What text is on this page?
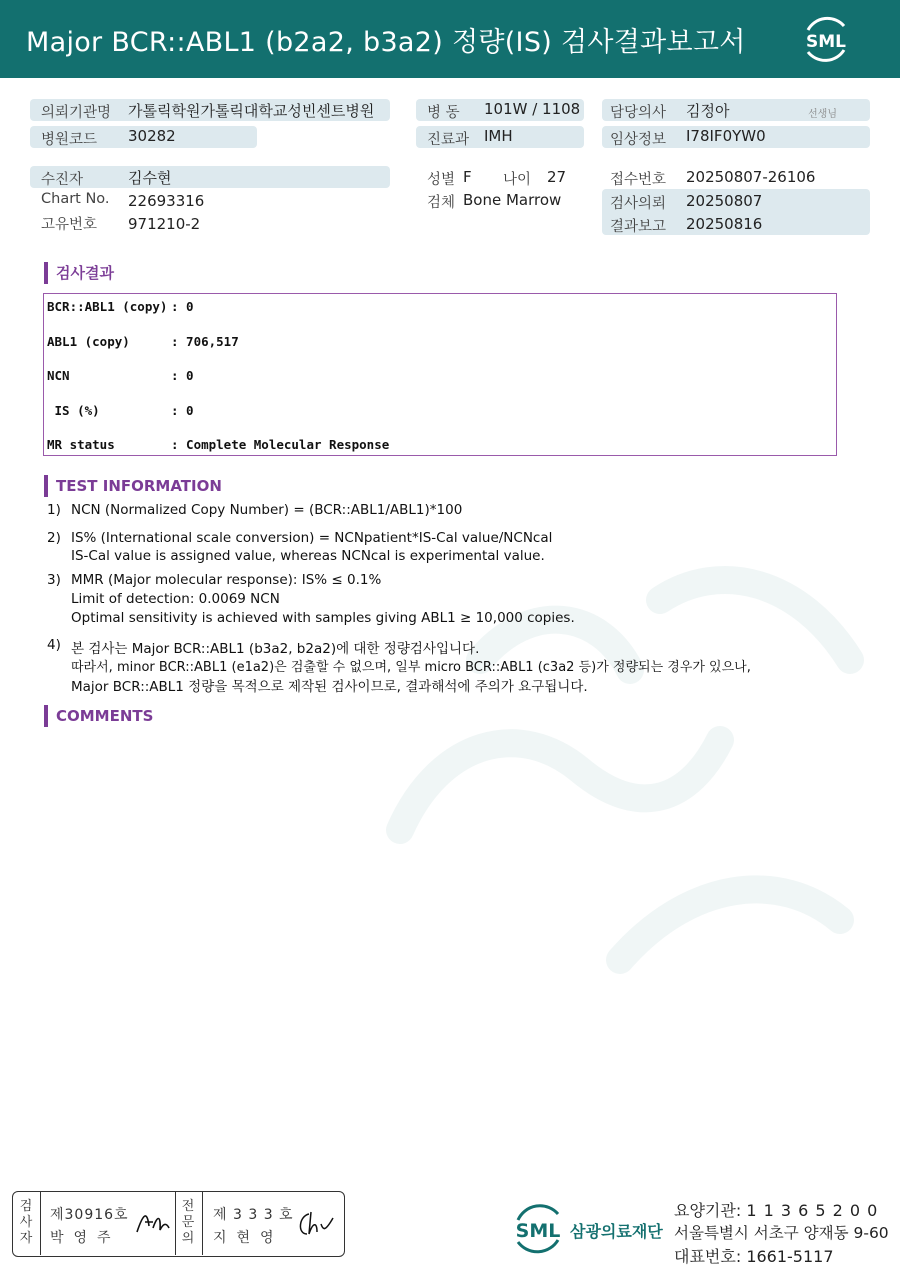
Major BCR::ABL1 (b2a2, b3a2) 정량(IS) 검사결과보고서	SML
의뢰기관명 가톨릭학원가톨릭대학교성빈센트병원
병원코드 30282
병 동 101W / 1108
진료과 IMH
담당의사 김정아	선생님
임상정보 I78IF0YW0
수진자	김수현
Chart No. 22693316
고유번호 971210-2
성별 F 나이 27
검체 Bone Marrow
접수번호 20250807-26106
검사의뢰 20250807
결과보고 20250816
검사결과
BCR::ABL1 (copy) : 0
ABL1 (copy)	: 706,517
NCN	: 0
IS (%)	: 0
MR status	: Complete Molecular Response
TEST INFORMATION
1) NCN (Normalized Copy Number) = (BCR::ABL1/ABL1)*100
2) IS% (International scale conversion) = NCNpatient*IS-Cal value/NCNcal
IS-Cal value is assigned value, whereas NCNcal is experimental value.
3) MMR (Major molecular response): IS% ≤ 0.1%
Limit of detection: 0.0069 NCN
Optimal sensitivity is achieved with samples giving ABL1 ≥ 10,000 copies.
4) 본 검사는 Major BCR::ABL1 (b3a2, b2a2)에 대한 정량검사입니다.
따라서, minor BCR::ABL1 (e1a2)은 검출할 수 없으며, 일부 micro BCR::ABL1 (c3a2 등)가 정량되는 경우가 있으나,
Major BCR::ABL1 정량을 목적으로 제작된 검사이므로, 결과해석에 주의가 요구됩니다.
COMMENTS
검사자
제30916호
박영주
전문의
제 3 3 3 호
지현영	SML 삼광의료재단
요양기관: 1 1 3 6 5 2 0 0
서울특별시 서초구 양재동 9-60
대표번호: 1661-5117
